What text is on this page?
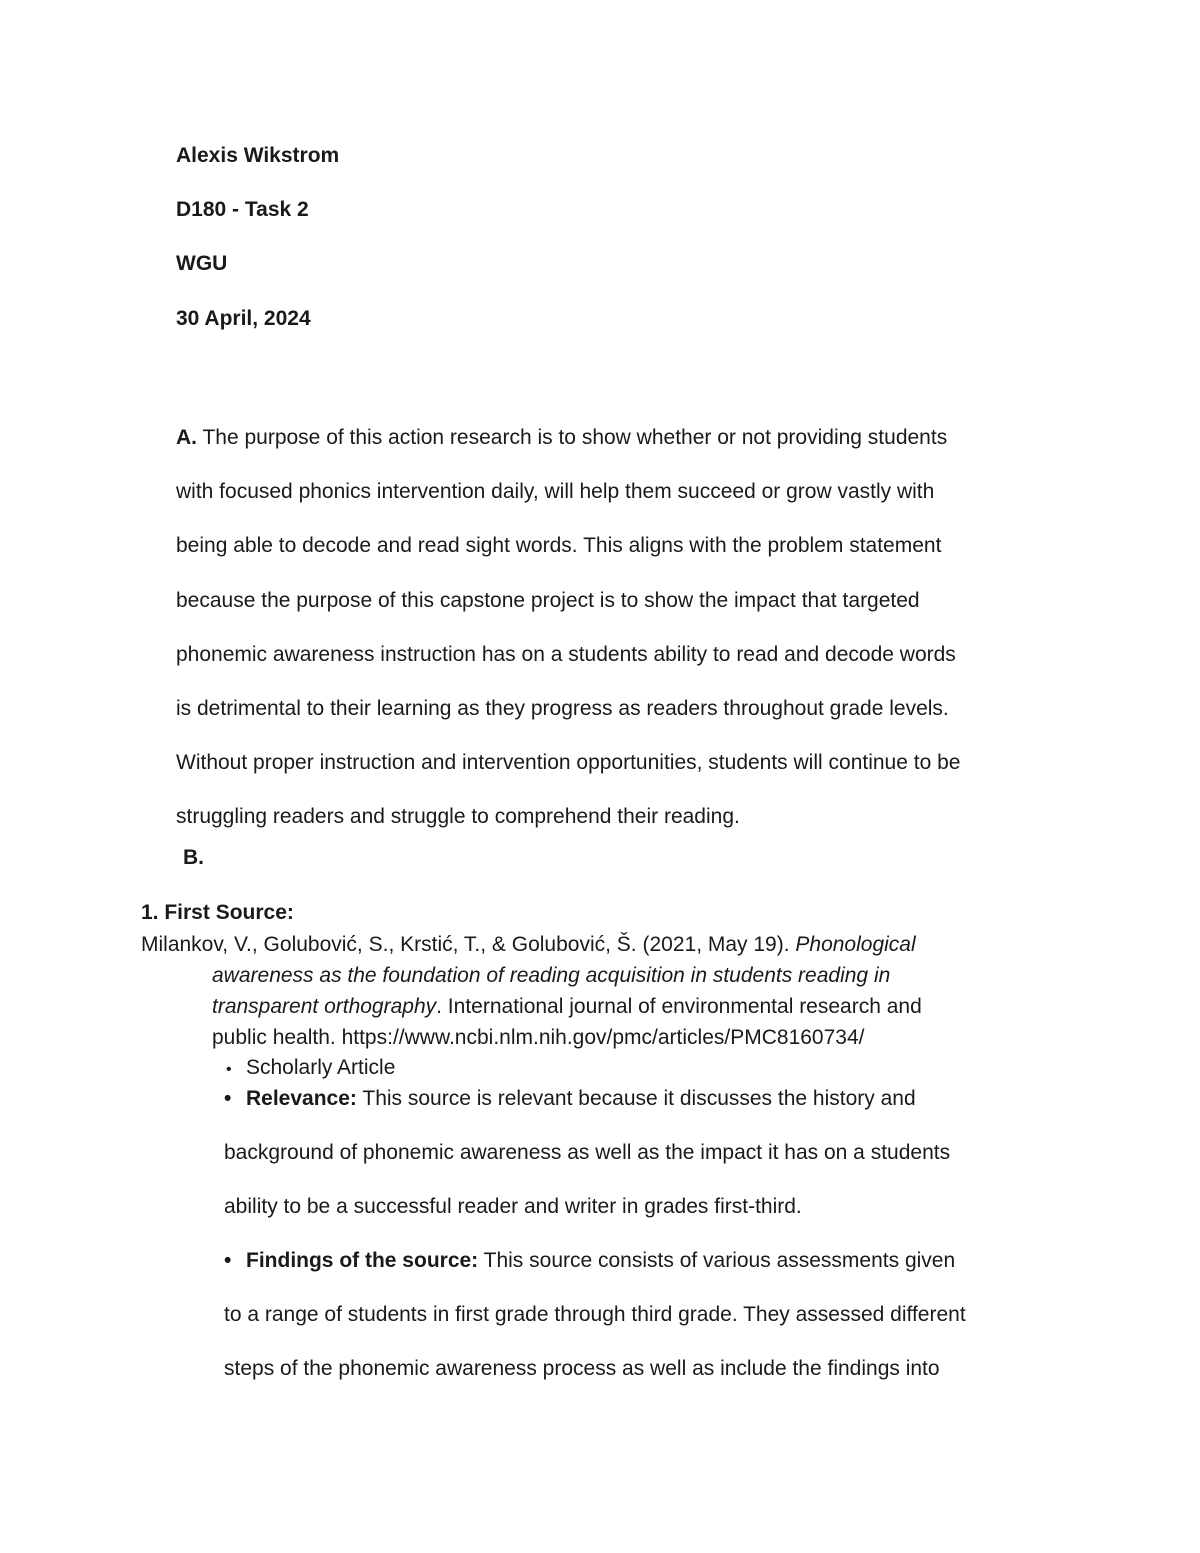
Alexis Wikstrom
D180 - Task 2
WGU
30 April, 2024
A. The purpose of this action research is to show whether or not providing students
with focused phonics intervention daily, will help them succeed or grow vastly with
being able to decode and read sight words. This aligns with the problem statement
because the purpose of this capstone project is to show the impact that targeted
phonemic awareness instruction has on a students ability to read and decode words
is detrimental to their learning as they progress as readers throughout grade levels.
Without proper instruction and intervention opportunities, students will continue to be
struggling readers and struggle to comprehend their reading.
B.
1. First Source:
Milankov, V., Golubović, S., Krstić, T., & Golubović, Š. (2021, May 19). Phonological
awareness as the foundation of reading acquisition in students reading in
transparent orthography. International journal of environmental research and
public health. https://www.ncbi.nlm.nih.gov/pmc/articles/PMC8160734/
• Scholarly Article
• Relevance: This source is relevant because it discusses the history and
background of phonemic awareness as well as the impact it has on a students
ability to be a successful reader and writer in grades first-third.
• Findings of the source: This source consists of various assessments given
to a range of students in first grade through third grade. They assessed different
steps of the phonemic awareness process as well as include the findings into
